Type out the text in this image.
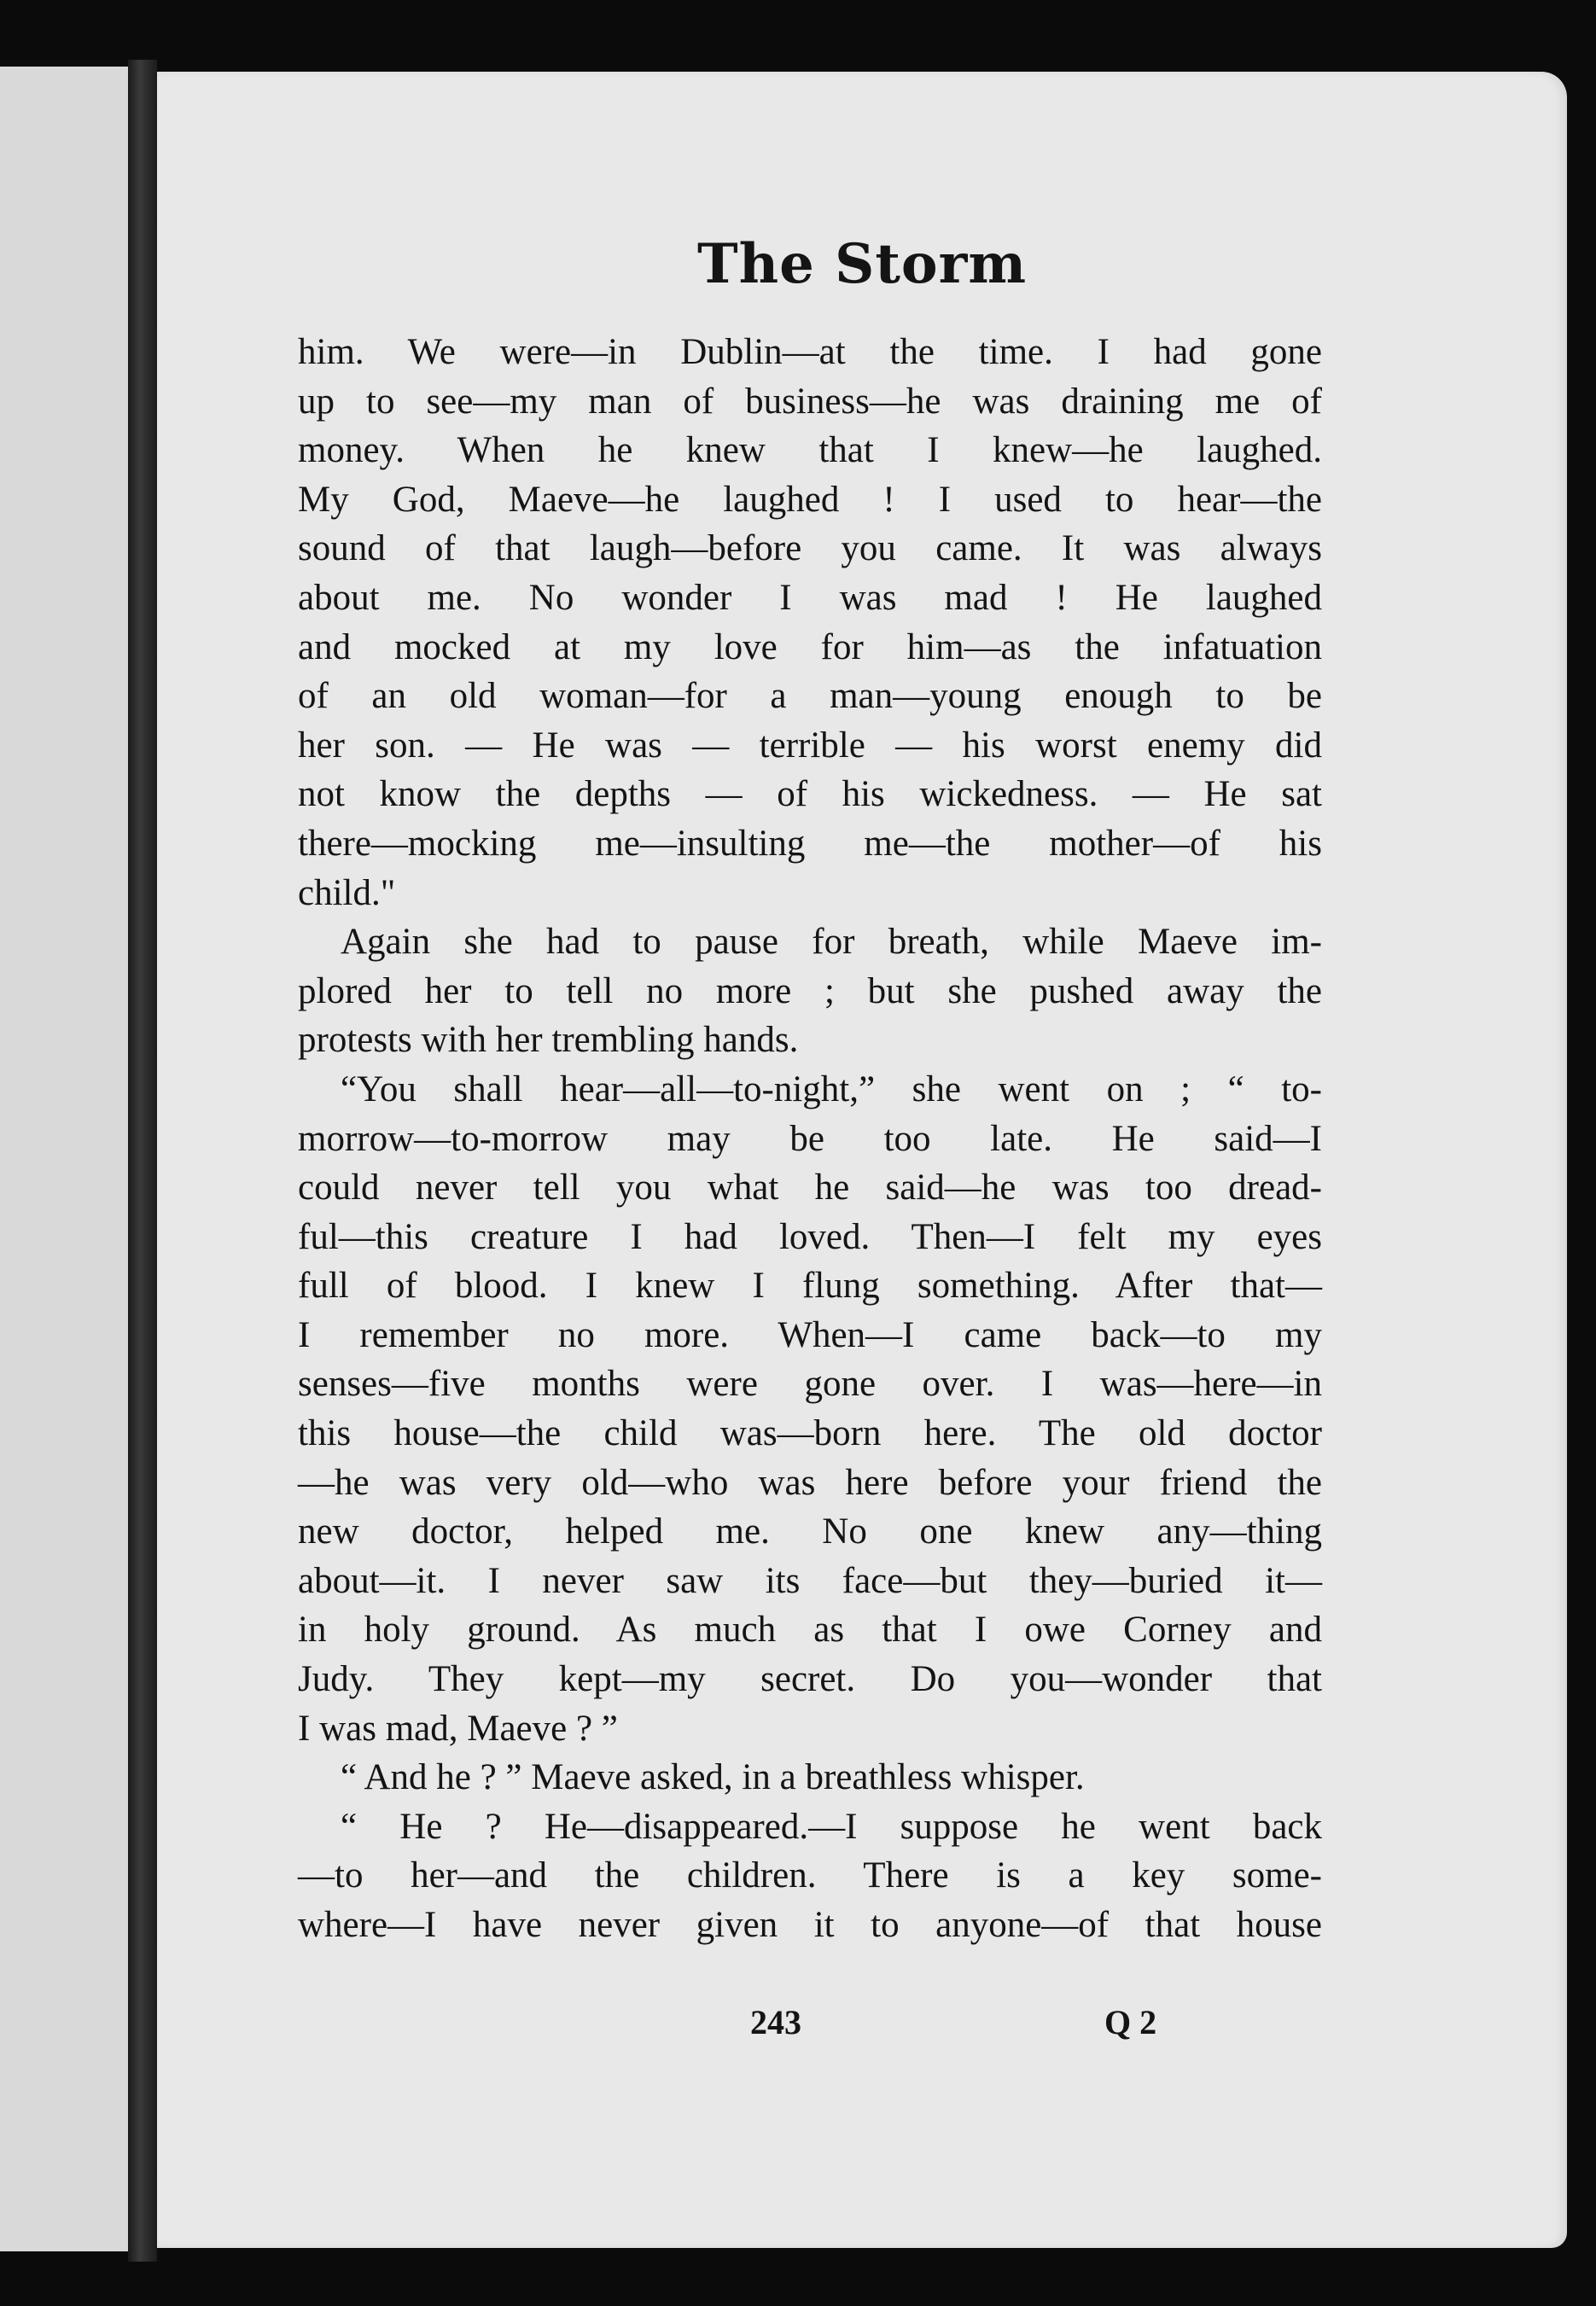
The Storm
him. We were—in Dublin—at the time. I had gone
up to see—my man of business—he was draining me of
money. When he knew that I knew—he laughed.
My God, Maeve—he laughed ! I used to hear—the
sound of that laugh—before you came. It was always
about me. No wonder I was mad ! He laughed
and mocked at my love for him—as the infatuation
of an old woman—for a man—young enough to be
her son. — He was — terrible — his worst enemy did
not know the depths — of his wickedness. — He sat
there—mocking me—insulting me—the mother—of his
child."
Again she had to pause for breath, while Maeve im-
plored her to tell no more ; but she pushed away the
protests with her trembling hands.
“You shall hear—all—to-night,” she went on ; “ to-
morrow—to-morrow may be too late. He said—I
could never tell you what he said—he was too dread-
ful—this creature I had loved. Then—I felt my eyes
full of blood. I knew I flung something. After that—
I remember no more. When—I came back—to my
senses—five months were gone over. I was—here—in
this house—the child was—born here. The old doctor
—he was very old—who was here before your friend the
new doctor, helped me. No one knew any—thing
about—it. I never saw its face—but they—buried it—
in holy ground. As much as that I owe Corney and
Judy. They kept—my secret. Do you—wonder that
I was mad, Maeve ? ”
“ And he ? ” Maeve asked, in a breathless whisper.
“ He ? He—disappeared.—I suppose he went back
—to her—and the children. There is a key some-
where—I have never given it to anyone—of that house
243	Q 2
